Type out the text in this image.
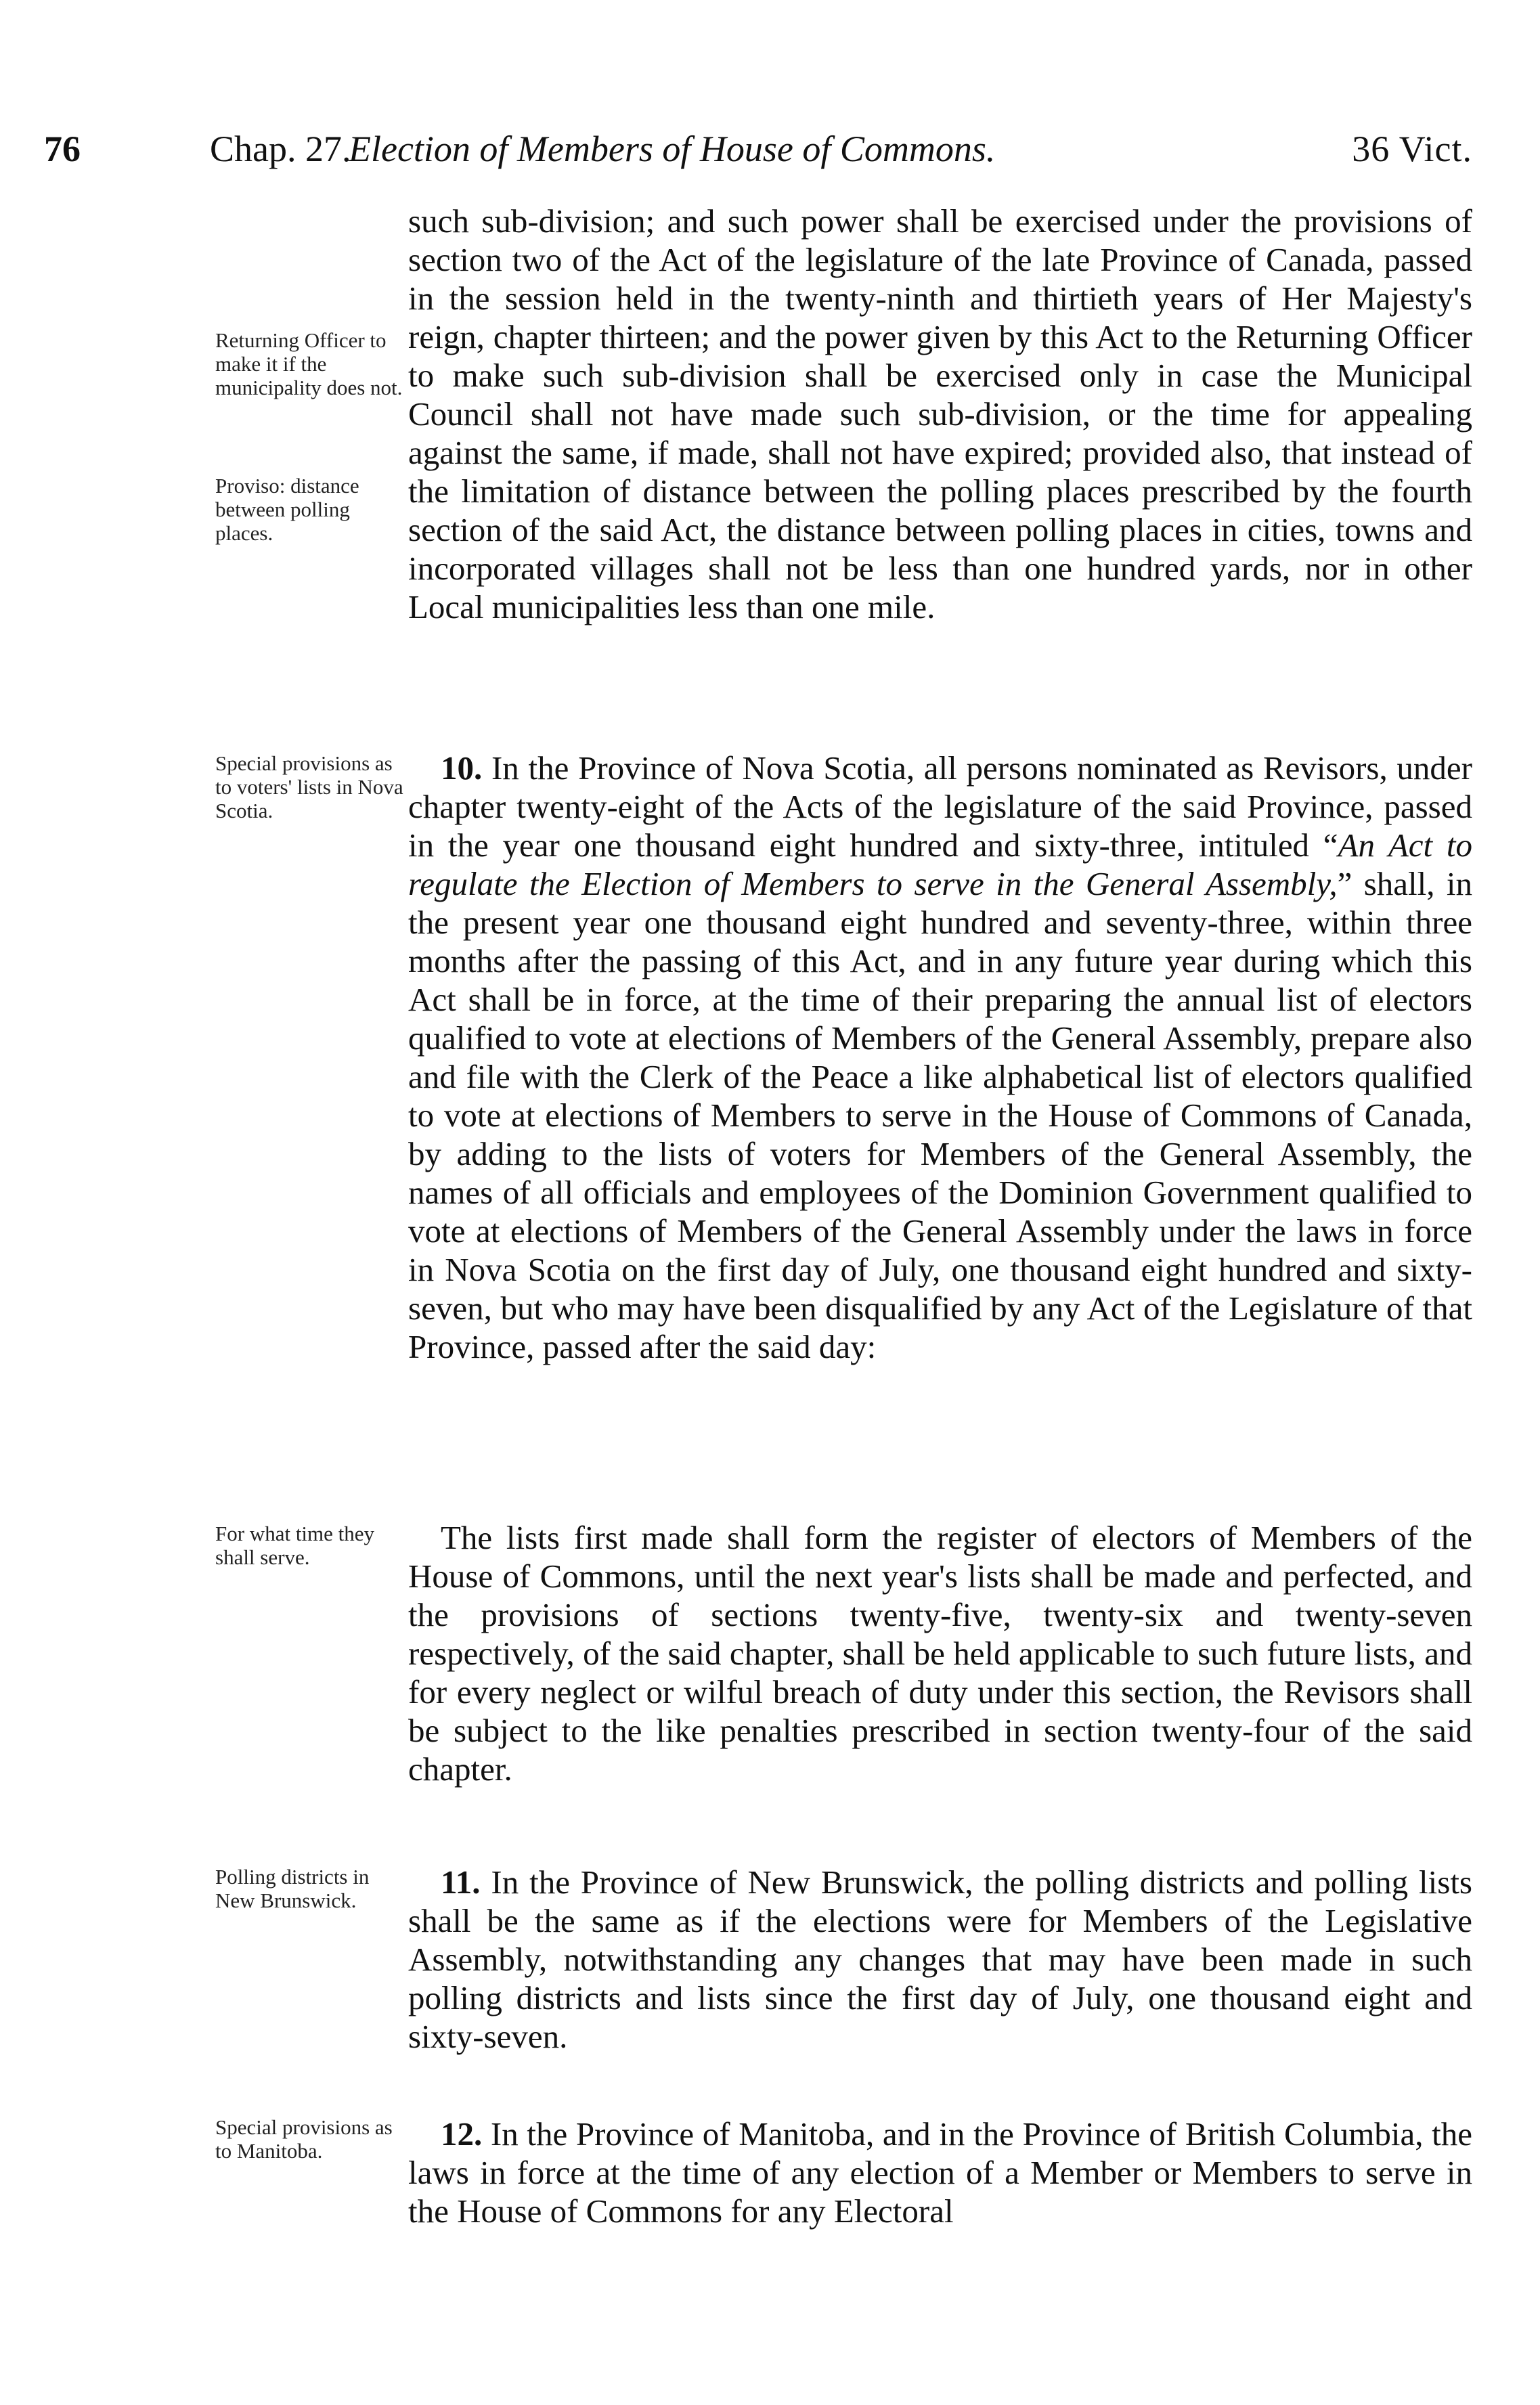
76	Chap. 27.
Election of Members of House of Commons.	36 Vict.
Returning Officer to make it if the municipality does not.
Proviso: distance between polling places.
Special provisions as to voters' lists in Nova Scotia.
For what time they shall serve.
Polling districts in New Brunswick.
Special provisions as to Manitoba.

such sub-division; and such power shall be exercised under the provisions of section two of the Act of the legislature of the late Province of Canada, passed in the session held in the twenty-ninth and thirtieth years of Her Majesty's reign, chapter thirteen; and the power given by this Act to the Returning Officer to make such sub-division shall be exercised only in case the Municipal Council shall not have made such sub-division, or the time for appealing against the same, if made, shall not have expired; provided also, that instead of the limitation of distance between the polling places prescribed by the fourth section of the said Act, the distance between polling places in cities, towns and incorporated villages shall not be less than one hundred yards, nor in other Local municipalities less than one mile.

10. In the Province of Nova Scotia, all persons nominated as Revisors, under chapter twenty-eight of the Acts of the legislature of the said Province, passed in the year one thousand eight hundred and sixty-three, intituled “An Act to regulate the Election of Members to serve in the General Assembly,” shall, in the present year one thousand eight hundred and seventy-three, within three months after the passing of this Act, and in any future year during which this Act shall be in force, at the time of their preparing the annual list of electors qualified to vote at elections of Members of the General Assembly, prepare also and file with the Clerk of the Peace a like alphabetical list of electors qualified to vote at elections of Members to serve in the House of Commons of Canada, by adding to the lists of voters for Members of the General Assembly, the names of all officials and employees of the Dominion Government qualified to vote at elections of Members of the General Assembly under the laws in force in Nova Scotia on the first day of July, one thousand eight hundred and sixty-seven, but who may have been disqualified by any Act of the Legislature of that Province, passed after the said day:

The lists first made shall form the register of electors of Members of the House of Commons, until the next year's lists shall be made and perfected, and the provisions of sections twenty-five, twenty-six and twenty-seven respectively, of the said chapter, shall be held applicable to such future lists, and for every neglect or wilful breach of duty under this section, the Revisors shall be subject to the like penalties prescribed in section twenty-four of the said chapter.

11. In the Province of New Brunswick, the polling districts and polling lists shall be the same as if the elections were for Members of the Legislative Assembly, notwithstanding any changes that may have been made in such polling districts and lists since the first day of July, one thousand eight and sixty-seven.

12. In the Province of Manitoba, and in the Province of British Columbia, the laws in force at the time of any election of a Member or Members to serve in the House of Commons for any Electoral
